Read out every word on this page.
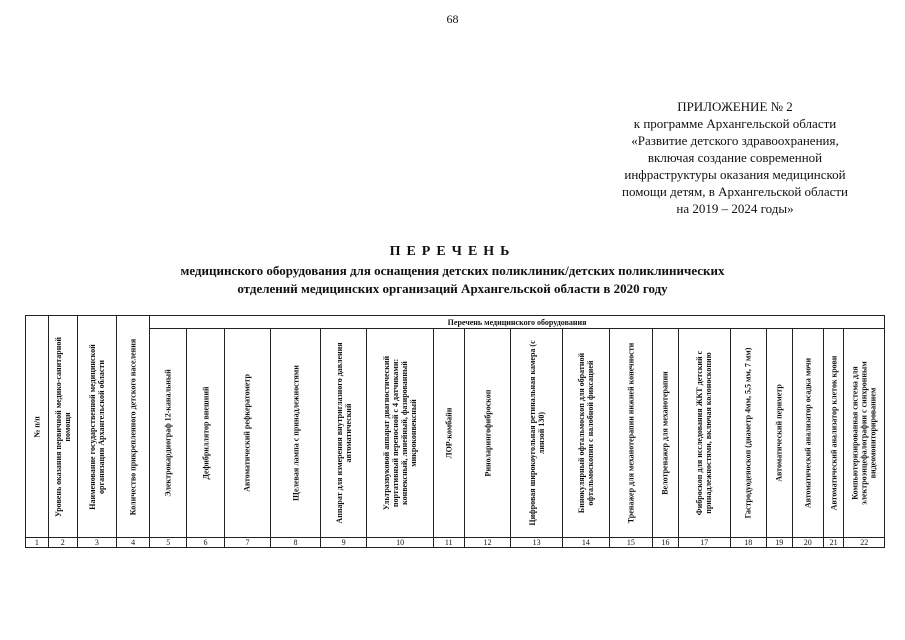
68
ПРИЛОЖЕНИЕ № 2
к программе Архангельской области
«Развитие детского здравоохранения,
включая создание современной
инфраструктуры оказания медицинской
помощи детям, в Архангельской области
на 2019 – 2024 годы»
ПЕРЕЧЕНЬ
медицинского оборудования для оснащения детских поликлиник/детских поликлинических
отделений медицинских организаций Архангельской области в 2020 году
№ п/п	Уровень оказания первичной медико-санитарной помощи	Наименование государственной медицинской организации Архангельской области	Количество прикрепленного детского населения	Перечень медицинского оборудования																	

				Электрокардиограф 12-канальный	Дефибриллятор внешний	Автоматический рефкератометр	Щелевая лампа с принадлежностями	Аппарат для измерения внутриглазного давления автоматический	Ультразвуковой аппарат диагностический портативный переносной с 4 датчиками: конвексный, линейный, фазированный микроконвексный	ЛОР-комбайн	Риноларингофиброскоп	Цифровая широкоугольная ретинальная камера (с линзой 130)	Бинокулярный офтальмоскоп для обратной офтальмоскопии с налобной фиксацией	Тренажер для механотерапии нижней конечности	Велотренажер для механотерапии	Фиброскоп для исследования ЖКТ детский с принадлежностями, включая колоноскопию	Гастродуоденоскоп (диаметр 4мм, 5,5 мм, 7 мм)	Автоматический периметр	Автоматический анализатор осадка мочи	Автоматический анализатор клеток крови	Компьютеризированная система для электроэнцефалографии с синхронным видеомониторированием

1	2	3	4	5	6	7	8	9	10	11	12	13	14	15	16	17	18	19	20	21	22
